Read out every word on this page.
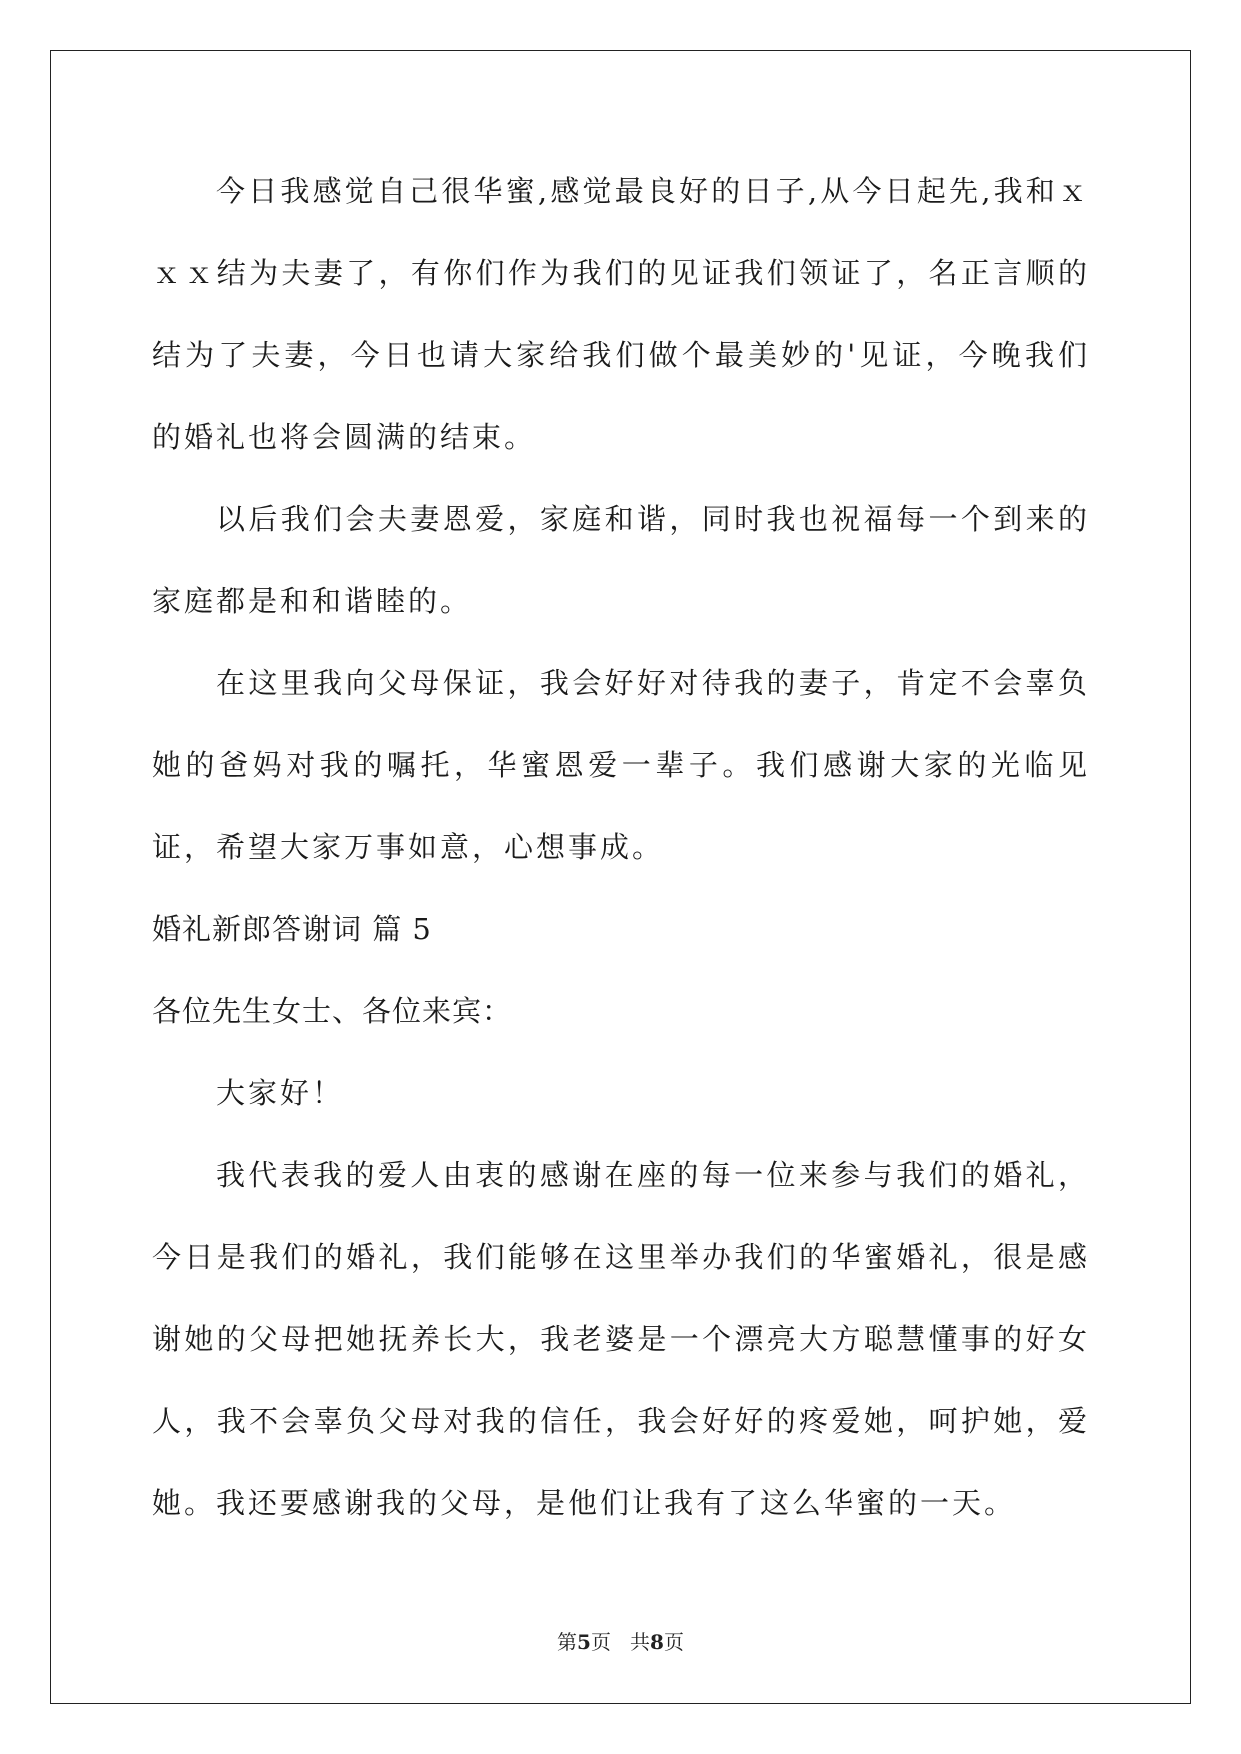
今日我感觉自己很华蜜,感觉最良好的日子,从今日起先,我和ｘｘｘ结为夫妻了，有你们作为我们的见证我们领证了，名正言顺的结为了夫妻，今日也请大家给我们做个最美妙的'见证，今晚我们的婚礼也将会圆满的结束。

以后我们会夫妻恩爱，家庭和谐，同时我也祝福每一个到来的家庭都是和和谐睦的。

在这里我向父母保证，我会好好对待我的妻子，肯定不会辜负她的爸妈对我的嘱托，华蜜恩爱一辈子。我们感谢大家的光临见证，希望大家万事如意，心想事成。

婚礼新郎答谢词 篇 5

各位先生女士、各位来宾：

大家好！

我代表我的爱人由衷的感谢在座的每一位来参与我们的婚礼，今日是我们的婚礼，我们能够在这里举办我们的华蜜婚礼，很是感谢她的父母把她抚养长大，我老婆是一个漂亮大方聪慧懂事的好女人，我不会辜负父母对我的信任，我会好好的疼爱她，呵护她，爱她。我还要感谢我的父母，是他们让我有了这么华蜜的一天。

第5页 共8页
